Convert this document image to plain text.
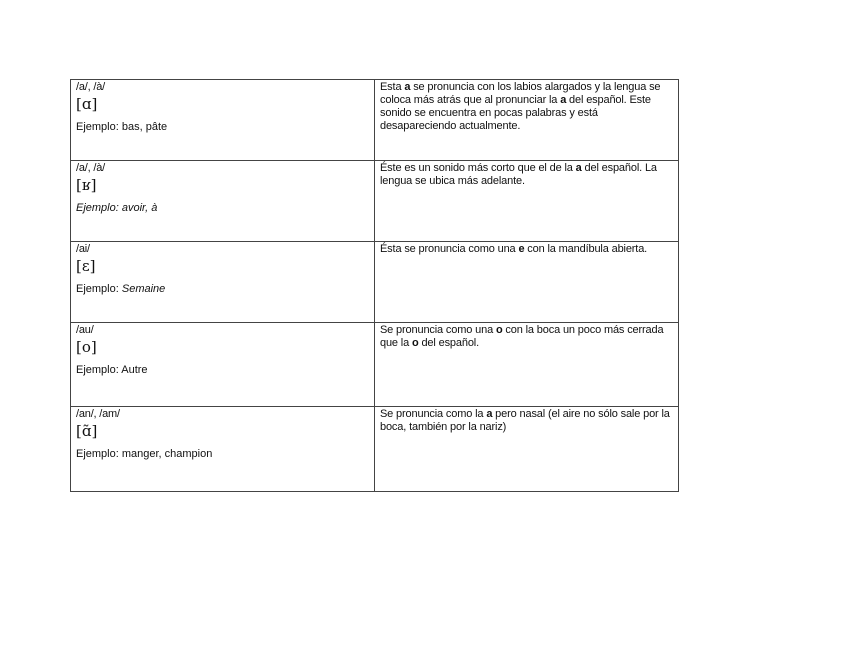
/a/, /à/
[ɑ]
Ejemplo: bas, pâte	Esta a se pronuncia con los labios alargados y la lengua se coloca más atrás que al pronunciar la a del español. Este sonido se encuentra en pocas palabras y está desapareciendo actualmente.

/a/, /à/
[ʁ]
Ejemplo: avoir, à	Éste es un sonido más corto que el de la a del español. La lengua se ubica más adelante.

/ai/
[ɛ]
Ejemplo: Semaine	Ésta se pronuncia como una e con la mandíbula abierta.

/au/
[o]
Ejemplo: Autre	Se pronuncia como una o con la boca un poco más cerrada que la o del español.

/an/, /am/
[ɑ̃]
Ejemplo: manger, champion	Se pronuncia como la a pero nasal (el aire no sólo sale por la boca, también por la nariz)
